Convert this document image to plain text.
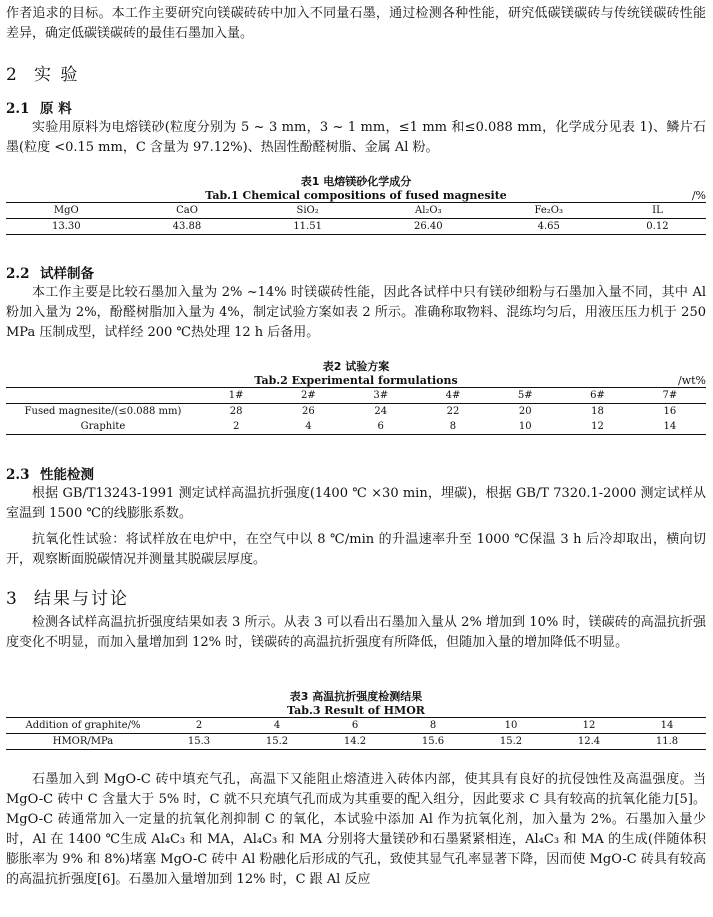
作者追求的目标。本工作主要研究向镁碳砖砖中加入不同量石墨，通过检测各种性能，研究低碳镁碳砖与传统镁碳砖性能差异，确定低碳镁碳砖的最佳石墨加入量。

2 实 验
2.1 原 料

实验用原料为电熔镁砂(粒度分别为 5 ~ 3 mm，3 ~ 1 mm，≤1 mm 和≤0.088 mm，化学成分见表 1)、鳞片石墨(粒度 <0.15 mm，C 含量为 97.12%)、热固性酚醛树脂、金属 Al 粉。

表1 电熔镁砂化学成分

Tab.1 Chemical compositions of fused magnesite	/%

MgO	CaO	SiO₂	Al₂O₃	Fe₂O₃	IL
13.30	43.88	11.51	26.40	4.65	0.12
2.2 试样制备

本工作主要是比较石墨加入量为 2% ~14% 时镁碳砖性能，因此各试样中只有镁砂细粉与石墨加入量不同，其中 Al 粉加入量为 2%，酚醛树脂加入量为 4%，制定试验方案如表 2 所示。准确称取物料、混练均匀后，用液压压力机于 250 MPa 压制成型，试样经 200 ℃热处理 12 h 后备用。

表2 试验方案

Tab.2 Experimental formulations	/wt%

	1#	2#	3#	4#	5#	6#	7#
Fused magnesite/(≤0.088 mm)	28	26	24	22	20	18	16
Graphite	2	4	6	8	10	12	14
2.3 性能检测

根据 GB/T13243-1991 测定试样高温抗折强度(1400 ℃ ×30 min，埋碳)，根据 GB/T 7320.1-2000 测定试样从室温到 1500 ℃的线膨胀系数。

抗氧化性试验：将试样放在电炉中，在空气中以 8 ℃/min 的升温速率升至 1000 ℃保温 3 h 后冷却取出，横向切开，观察断面脱碳情况并测量其脱碳层厚度。

3 结果与讨论

检测各试样高温抗折强度结果如表 3 所示。从表 3 可以看出石墨加入量从 2% 增加到 10% 时，镁碳砖的高温抗折强度变化不明显，而加入量增加到 12% 时，镁碳砖的高温抗折强度有所降低，但随加入量的增加降低不明显。

表3 高温抗折强度检测结果

Tab.3 Result of HMOR

Addition of graphite/%	2	4	6	8	10	12	14
HMOR/MPa	15.3	15.2	14.2	15.6	15.2	12.4	11.8

石墨加入到 MgO-C 砖中填充气孔，高温下又能阻止熔渣进入砖体内部，使其具有良好的抗侵蚀性及高温强度。当 MgO-C 砖中 C 含量大于 5% 时，C 就不只充填气孔而成为其重要的配入组分，因此要求 C 具有较高的抗氧化能力[5]。MgO-C 砖通常加入一定量的抗氧化剂抑制 C 的氧化，本试验中添加 Al 作为抗氧化剂，加入量为 2%。石墨加入量少时，Al 在 1400 ℃生成 Al₄C₃ 和 MA，Al₄C₃ 和 MA 分别将大量镁砂和石墨紧紧相连，Al₄C₃ 和 MA 的生成(伴随体积膨胀率为 9% 和 8%)堵塞 MgO-C 砖中 Al 粉融化后形成的气孔，致使其显气孔率显著下降，因而使 MgO-C 砖具有较高的高温抗折强度[6]。石墨加入量增加到 12% 时，C 跟 Al 反应
